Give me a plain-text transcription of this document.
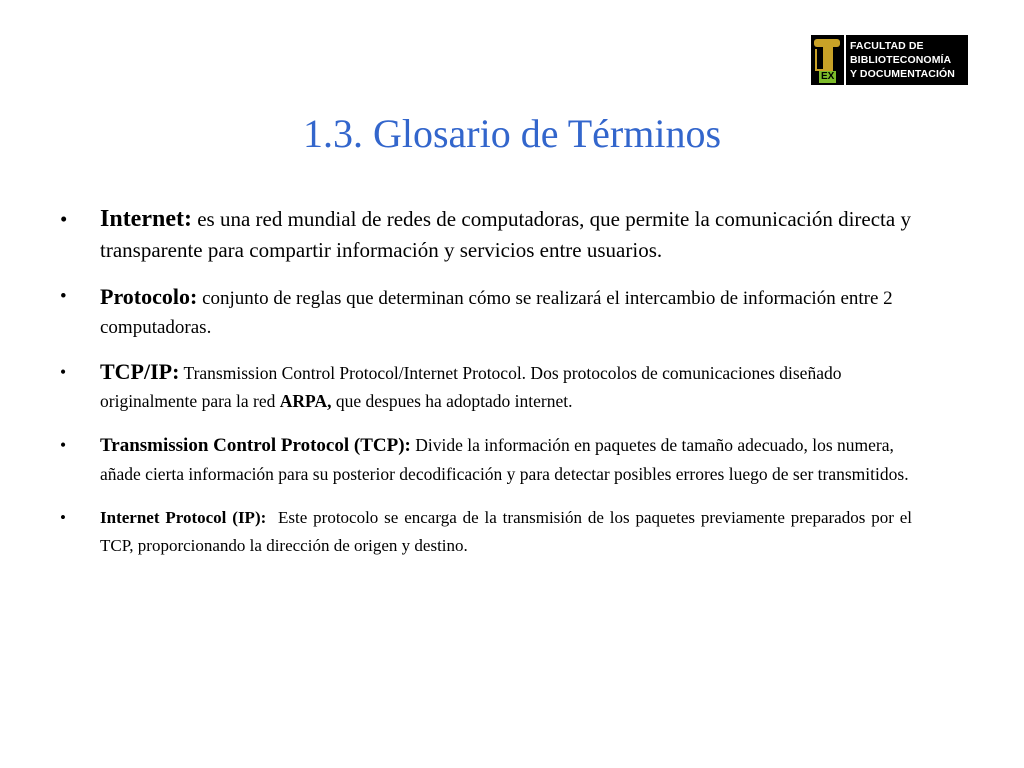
EX
FACULTAD DE
BIBLIOTECONOMÍA
Y DOCUMENTACIÓN
1.3. Glosario de Términos
• Internet: es una red mundial de redes de computadoras, que permite la comunicación directa y transparente para compartir información y servicios entre usuarios.
• Protocolo: conjunto de reglas que determinan cómo se realizará el intercambio de información entre 2 computadoras.
• TCP/IP: Transmission Control Protocol/Internet Protocol. Dos protocolos de comunicaciones diseñado originalmente para la red ARPA, que despues ha adoptado internet.
• Transmission Control Protocol (TCP): Divide la información en paquetes de tamaño adecuado, los numera, añade cierta información para su posterior decodificación y para detectar posibles errores luego de ser transmitidos.
• Internet Protocol (IP): Este protocolo se encarga de la transmisión de los paquetes previamente preparados por el TCP, proporcionando la dirección de origen y destino.
